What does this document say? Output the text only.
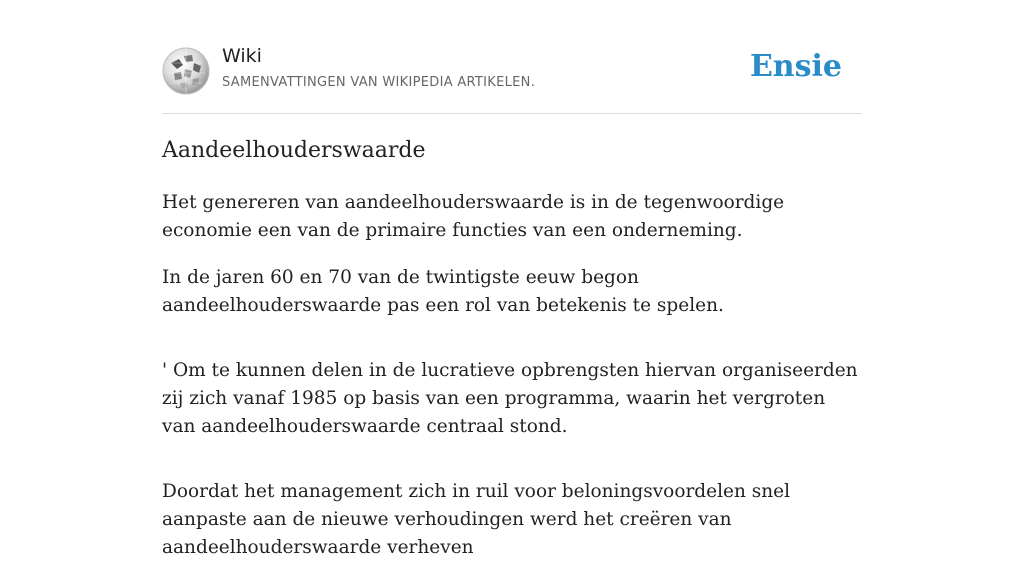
Wiki
SAMENVATTINGEN VAN WIKIPEDIA ARTIKELEN.	Ensie
Aandeelhouderswaarde

Het genereren van aandeelhouderswaarde is in de tegenwoordige economie een van de primaire functies van een onderneming.

In de jaren 60 en 70 van de twintigste eeuw begon aandeelhouderswaarde pas een rol van betekenis te spelen.

' Om te kunnen delen in de lucratieve opbrengsten hiervan organiseerden zij zich vanaf 1985 op basis van een programma, waarin het vergroten van aandeelhouderswaarde centraal stond.

Doordat het management zich in ruil voor beloningsvoordelen snel aanpaste aan de nieuwe verhoudingen werd het creëren van aandeelhouderswaarde verheven
